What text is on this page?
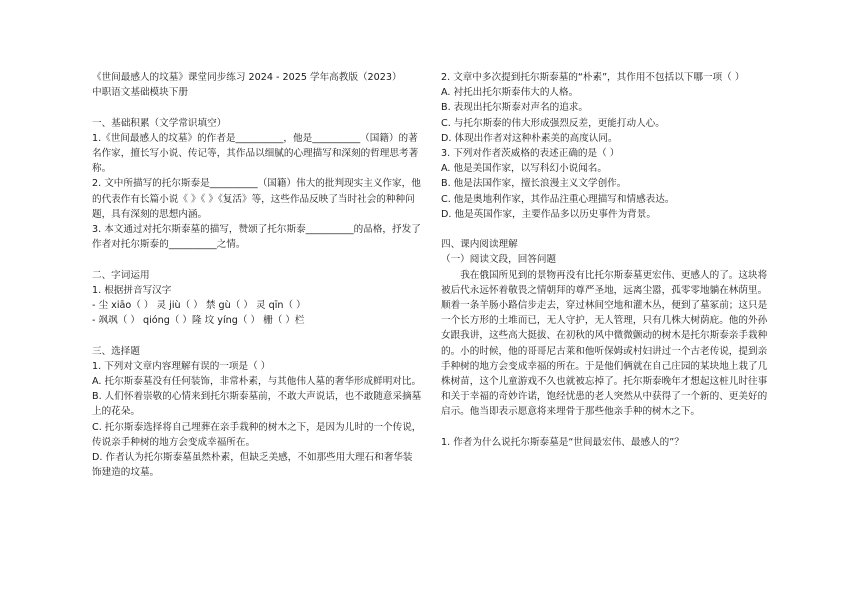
《世间最感人的坟墓》课堂同步练习 2024 - 2025 学年高教版（2023）
中职语文基础模块下册
一、基础积累（文学常识填空）
1.《世间最感人的坟墓》的作者是__________，他是__________（国籍）的著名作家，擅长写小说、传记等，其作品以细腻的心理描写和深刻的哲理思考著称。
2. 文中所描写的托尔斯泰是__________（国籍）伟大的批判现实主义作家，他的代表作有长篇小说《 》《 》《复活》等，这些作品反映了当时社会的种种问题，具有深刻的思想内涵。
3. 本文通过对托尔斯泰墓的描写，赞颂了托尔斯泰__________的品格，抒发了作者对托尔斯泰的__________之情。
二、字词运用
1. 根据拼音写汉字
- 尘 xiāo（ ） 灵 jiù（ ） 禁 gù（ ） 灵 qīn（ ）
- 飒飒（ ） qióng（ ）隆 坟 yíng（ ） 栅（ ）栏
三、选择题
1. 下列对文章内容理解有误的一项是（ ）
A. 托尔斯泰墓没有任何装饰，非常朴素，与其他伟人墓的奢华形成鲜明对比。
B. 人们怀着崇敬的心情来到托尔斯泰墓前，不敢大声说话，也不敢随意采摘墓上的花朵。
C. 托尔斯泰选择将自己埋葬在亲手栽种的树木之下，是因为儿时的一个传说，传说亲手种树的地方会变成幸福所在。
D. 作者认为托尔斯泰墓虽然朴素，但缺乏美感，不如那些用大理石和奢华装饰建造的坟墓。
2. 文章中多次提到托尔斯泰墓的“朴素”，其作用不包括以下哪一项（ ）
A. 衬托出托尔斯泰伟大的人格。
B. 表现出托尔斯泰对声名的追求。
C. 与托尔斯泰的伟大形成强烈反差，更能打动人心。
D. 体现出作者对这种朴素美的高度认同。
3. 下列对作者茨威格的表述正确的是（ ）
A. 他是美国作家，以写科幻小说闻名。
B. 他是法国作家，擅长浪漫主义文学创作。
C. 他是奥地利作家，其作品注重心理描写和情感表达。
D. 他是英国作家，主要作品多以历史事件为背景。
四、课内阅读理解
（一）阅读文段，回答问题
我在俄国所见到的景物再没有比托尔斯泰墓更宏伟、更感人的了。这块将被后代永远怀着敬畏之情朝拜的尊严圣地，远离尘嚣，孤零零地躺在林荫里。顺着一条羊肠小路信步走去，穿过林间空地和灌木丛，便到了墓冢前；这只是一个长方形的土堆而已，无人守护，无人管理，只有几株大树荫庇。他的外孙女跟我讲，这些高大挺拔、在初秋的风中微微颤动的树木是托尔斯泰亲手栽种的。小的时候，他的哥哥尼古莱和他听保姆或村妇讲过一个古老传说，提到亲手种树的地方会变成幸福的所在。于是他们俩就在自己庄园的某块地上栽了几株树苗，这个儿童游戏不久也就被忘掉了。托尔斯泰晚年才想起这桩儿时往事和关于幸福的奇妙许诺，饱经忧患的老人突然从中获得了一个新的、更美好的启示。他当即表示愿意将来埋骨于那些他亲手种的树木之下。
1. 作者为什么说托尔斯泰墓是“世间最宏伟、最感人的”？
